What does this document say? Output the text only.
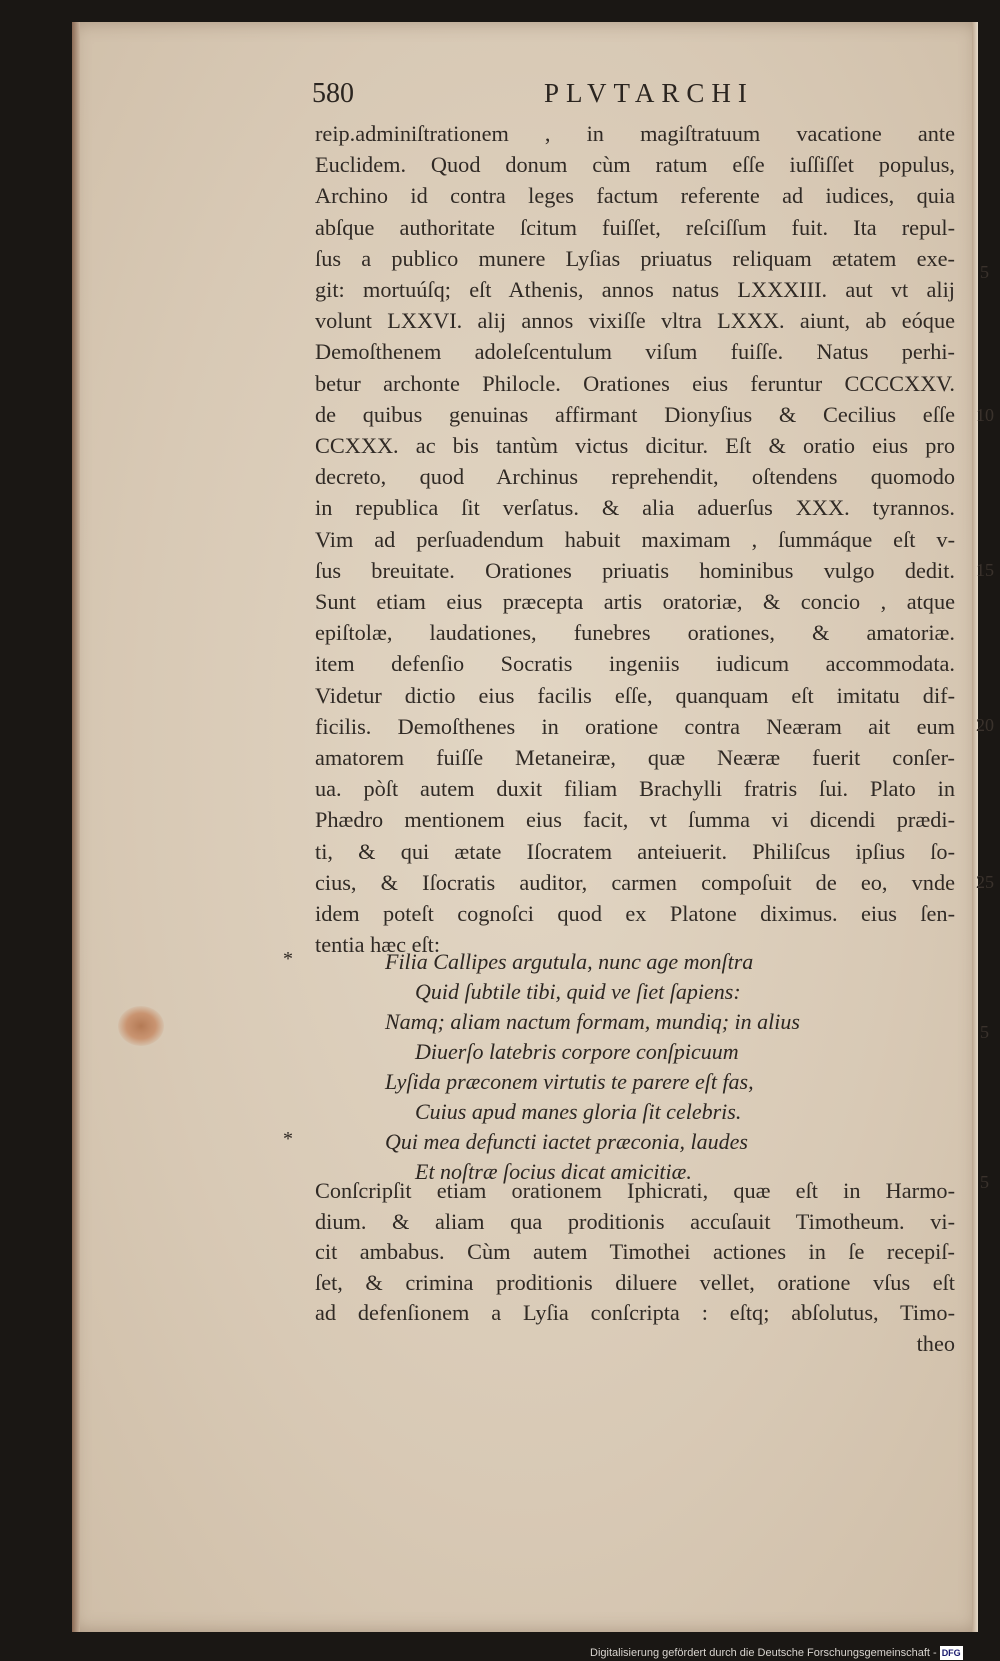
580	PLVTARCHI
reip.adminiſtrationem , in magiſtratuum vacatione ante
Euclidem. Quod donum cùm ratum eſſe iuſſiſſet populus,
Archino id contra leges factum referente ad iudices, quia
abſque authoritate ſcitum fuiſſet, reſciſſum fuit. Ita repul-
ſus a publico munere Lyſias priuatus reliquam ætatem exe-
git: mortuúſq; eſt Athenis, annos natus LXXXIII. aut vt alij
volunt LXXVI. alij annos vixiſſe vltra LXXX. aiunt, ab eóque
Demoſthenem adoleſcentulum viſum fuiſſe. Natus perhi-
betur archonte Philocle. Orationes eius feruntur CCCCXXV.
de quibus genuinas affirmant Dionyſius & Cecilius eſſe
CCXXX. ac bis tantùm victus dicitur. Eſt & oratio eius pro
decreto, quod Archinus reprehendit, oſtendens quomodo
in republica ſit verſatus. & alia aduerſus XXX. tyrannos.
Vim ad perſuadendum habuit maximam , ſummáque eſt v-
ſus breuitate. Orationes priuatis hominibus vulgo dedit.
Sunt etiam eius præcepta artis oratoriæ, & concio , atque
epiſtolæ, laudationes, funebres orationes, & amatoriæ.
item defenſio Socratis ingeniis iudicum accommodata.
Videtur dictio eius facilis eſſe, quanquam eſt imitatu dif-
ficilis. Demoſthenes in oratione contra Neæram ait eum
amatorem fuiſſe Metaneiræ, quæ Neæræ fuerit conſer-
ua. pòſt autem duxit filiam Brachylli fratris ſui. Plato in
Phædro mentionem eius facit, vt ſumma vi dicendi prædi-
ti, & qui ætate Iſocratem anteiuerit. Philiſcus ipſius ſo-
cius, & Iſocratis auditor, carmen compoſuit de eo, vnde
idem poteſt cognoſci quod ex Platone diximus. eius ſen-
tentia hæc eſt:
*
*
Filia Callipes argutula, nunc age monſtra
Quid ſubtile tibi, quid ve ſiet ſapiens:
Namq; aliam nactum formam, mundiq; in alius
Diuerſo latebris corpore conſpicuum
Lyſida præconem virtutis te parere eſt fas,
Cuius apud manes gloria ſit celebris.
Qui mea defuncti iactet præconia, laudes
Et noſtræ ſocius dicat amicitiæ.
Conſcripſit etiam orationem Iphicrati, quæ eſt in Harmo-
dium. & aliam qua proditionis accuſauit Timotheum. vi-
cit ambabus. Cùm autem Timothei actiones in ſe recepiſ-
ſet, & crimina proditionis diluere vellet, oratione vſus eſt
ad defenſionem a Lyſia conſcripta : eſtq; abſolutus, Timo-
theo
5
10
15
20
25
5
5
Digitalisierung gefördert durch die Deutsche Forschungsgemeinschaft - DFG
